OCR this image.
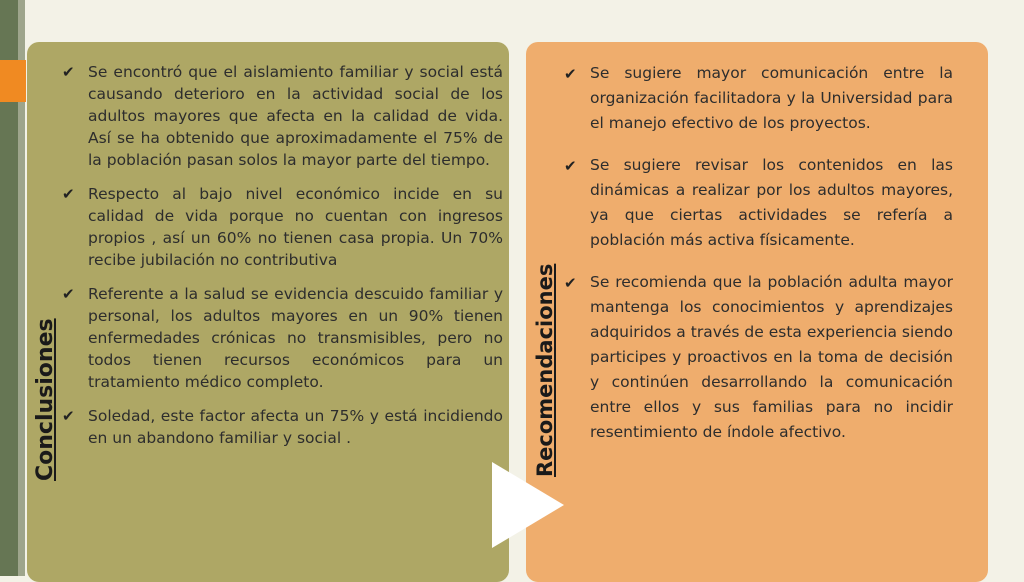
Conclusiones	Recomendaciones
✔ Se encontró que el aislamiento familiar y social está causando deterioro en la actividad social de los adultos mayores que afecta en la calidad de vida. Así se ha obtenido que aproximadamente el 75% de la población pasan solos la mayor parte del tiempo.
✔ Respecto al bajo nivel económico incide en su calidad de vida porque no cuentan con ingresos propios , así un 60% no tienen casa propia. Un 70% recibe jubilación no contributiva
✔ Referente a la salud se evidencia descuido familiar y personal, los adultos mayores en un 90% tienen enfermedades crónicas no transmisibles, pero no todos tienen recursos económicos para un tratamiento médico completo.
✔ Soledad, este factor afecta un 75% y está incidiendo en un abandono familiar y social .
✔ Se sugiere mayor comunicación entre la organización facilitadora y la Universidad para el manejo efectivo de los proyectos.
✔ Se sugiere revisar los contenidos en las dinámicas a realizar por los adultos mayores, ya que ciertas actividades se refería a población más activa físicamente.
✔ Se recomienda que la población adulta mayor mantenga los conocimientos y aprendizajes adquiridos a través de esta experiencia siendo participes y proactivos en la toma de decisión y continúen desarrollando la comunicación entre ellos y sus familias para no incidir resentimiento de índole afectivo.
